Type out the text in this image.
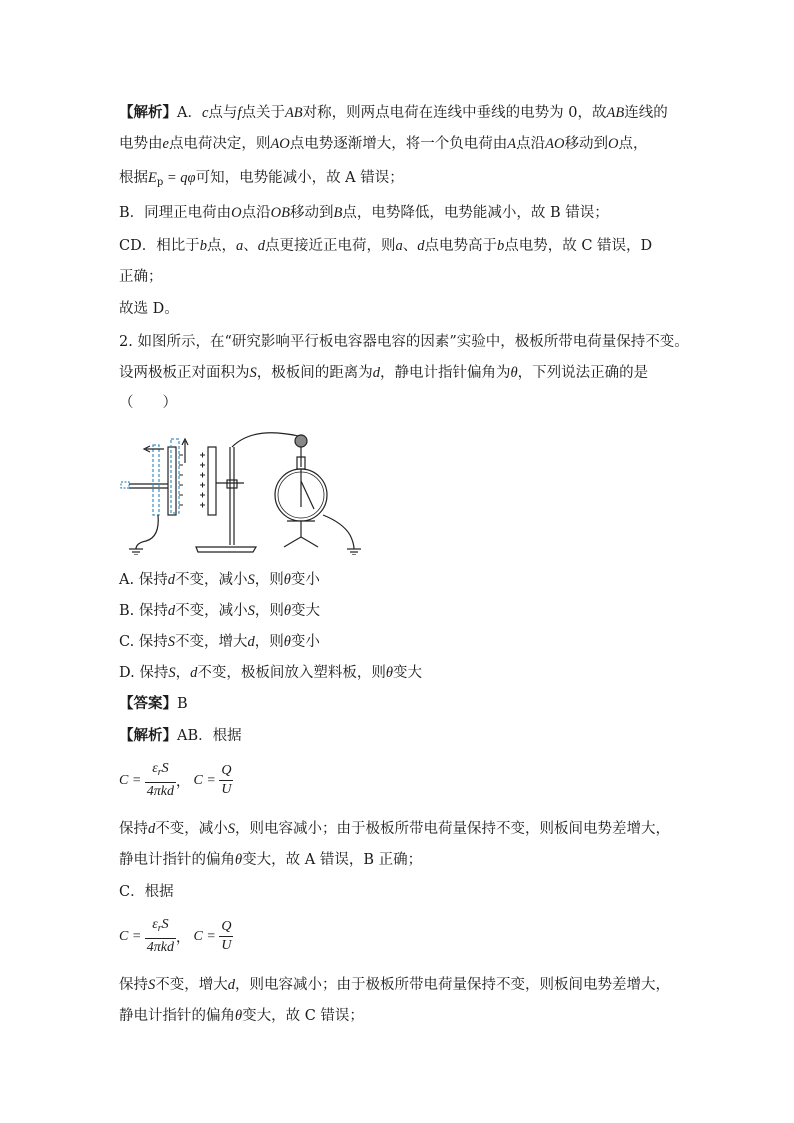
【解析】A．c点与f点关于AB对称，则两点电荷在连线中垂线的电势为 0，故AB连线的
电势由e点电荷决定，则AO点电势逐渐增大，将一个负电荷由A点沿AO移动到O点，
根据$E_p = q\varphi$可知，电势能减小，故 A 错误；
B．同理正电荷由O点沿OB移动到B点，电势降低，电势能减小，故 B 错误；
CD．相比于b点，a、d点更接近正电荷，则a、d点电势高于b点电势，故 C 错误，D
正确；
故选 D。
2. 如图所示，在“研究影响平行板电容器电容的因素”实验中，极板所带电荷量保持不变。
设两极板正对面积为S，极板间的距离为d，静电计指针偏角为θ，下列说法正确的是
（　　）
A. 保持d不变，减小S，则θ变小
B. 保持d不变，减小S，则θ变大
C. 保持S不变，增大d，则θ变小
D. 保持S，d不变，极板间放入塑料板，则θ变大
【答案】B
【解析】AB．根据
$C = \frac{\varepsilon_rS}{\text{4πkd}}$ ， $C = \frac{Q}{U}$
保持d不变，减小S，则电容减小；由于极板所带电荷量保持不变，则板间电势差增大，
静电计指针的偏角θ变大，故 A 错误，B 正确；
C．根据
$C = \frac{\varepsilon_rS}{\text{4πkd}}$ ， $C = \frac{Q}{U}$
保持S不变，增大d，则电容减小；由于极板所带电荷量保持不变，则板间电势差增大，
静电计指针的偏角θ变大，故 C 错误；
